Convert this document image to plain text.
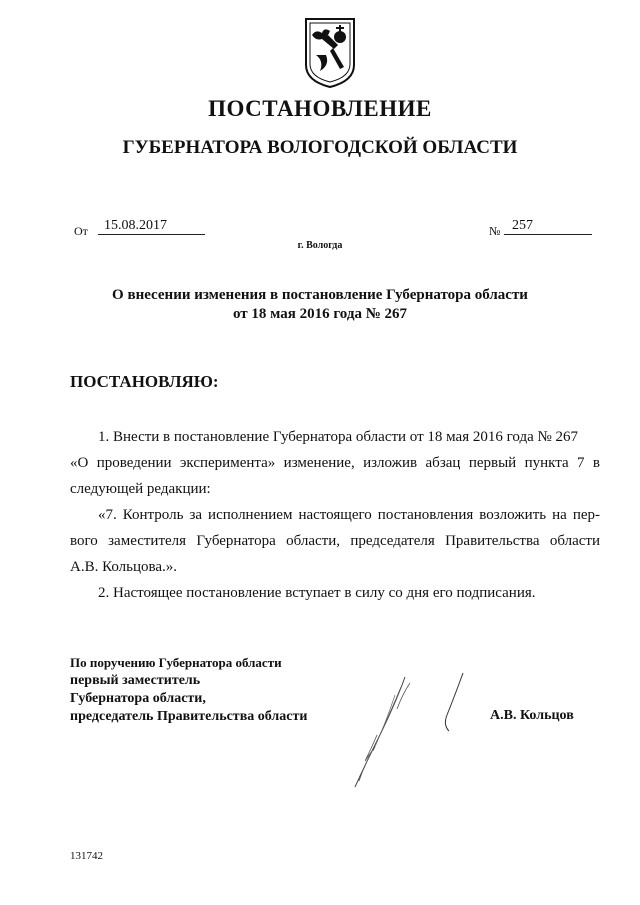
ПОСТАНОВЛЕНИЕ
ГУБЕРНАТОРА ВОЛОГОДСКОЙ ОБЛАСТИ
От 15.08.2017	№ 257
г. Вологда
О внесении изменения в постановление Губернатора области
от 18 мая 2016 года № 267
ПОСТАНОВЛЯЮ:
1. Внести в постановление Губернатора области от 18 мая 2016 года № 267
«О проведении эксперимента» изменение, изложив абзац первый пункта 7 в
следующей редакции:
«7. Контроль за исполнением настоящего постановления возложить на пер-
вого заместителя Губернатора области, председателя Правительства области
А.В. Кольцова.».
2. Настоящее постановление вступает в силу со дня его подписания.
По поручению Губернатора области
первый заместитель
Губернатора области,
председатель Правительства области	А.В. Кольцов
131742
